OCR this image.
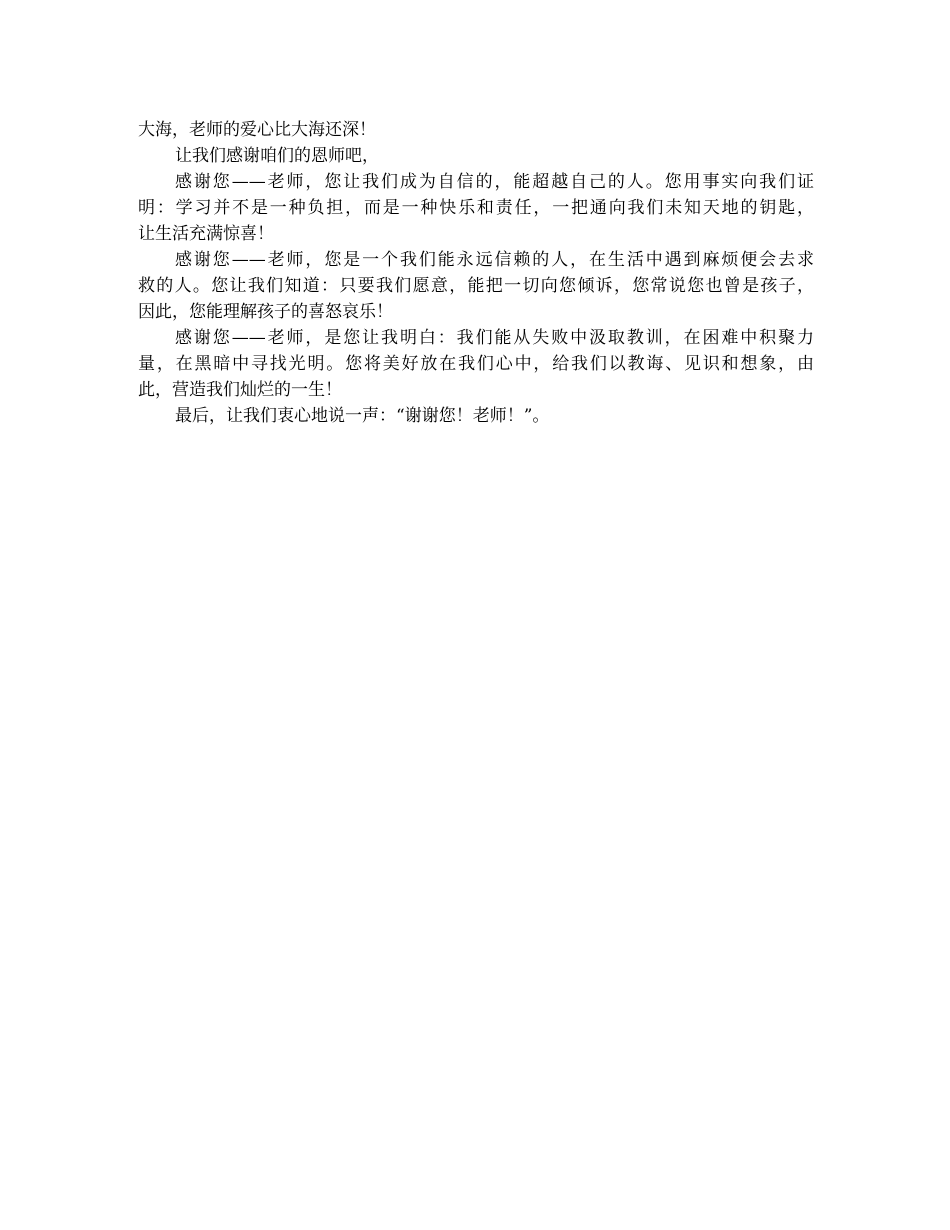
大海，老师的爱心比大海还深！
让我们感谢咱们的恩师吧，
感谢您——老师，您让我们成为自信的，能超越自己的人。您用事实向我们证
明：学习并不是一种负担，而是一种快乐和责任，一把通向我们未知天地的钥匙，
让生活充满惊喜！
感谢您——老师，您是一个我们能永远信赖的人，在生活中遇到麻烦便会去求
救的人。您让我们知道：只要我们愿意，能把一切向您倾诉，您常说您也曾是孩子，
因此，您能理解孩子的喜怒哀乐！
感谢您——老师，是您让我明白：我们能从失败中汲取教训，在困难中积聚力
量，在黑暗中寻找光明。您将美好放在我们心中，给我们以教诲、见识和想象，由
此，营造我们灿烂的一生！
最后，让我们衷心地说一声：“谢谢您！老师！”。
